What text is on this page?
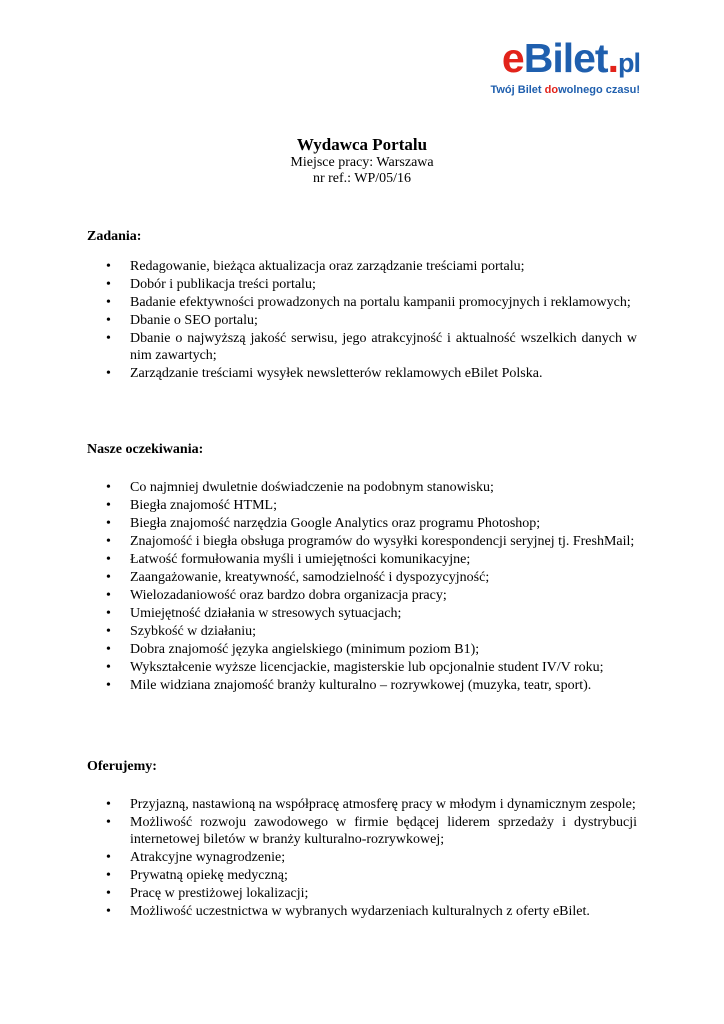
eBilet.pl
Twój Bilet dowolnego czasu!
Wydawca Portalu
Miejsce pracy: Warszawa
nr ref.: WP/05/16

Zadania:

• Redagowanie, bieżąca aktualizacja oraz zarządzanie treściami portalu;
• Dobór i publikacja treści portalu;
• Badanie efektywności prowadzonych na portalu kampanii promocyjnych i reklamowych;
• Dbanie o SEO portalu;
• Dbanie o najwyższą jakość serwisu, jego atrakcyjność i aktualność wszelkich danych w nim zawartych;
• Zarządzanie treściami wysyłek newsletterów reklamowych eBilet Polska.

Nasze oczekiwania:

• Co najmniej dwuletnie doświadczenie na podobnym stanowisku;
• Biegła znajomość HTML;
• Biegła znajomość narzędzia Google Analytics oraz programu Photoshop;
• Znajomość i biegła obsługa programów do wysyłki korespondencji seryjnej tj. FreshMail;
• Łatwość formułowania myśli i umiejętności komunikacyjne;
• Zaangażowanie, kreatywność, samodzielność i dyspozycyjność;
• Wielozadaniowość oraz bardzo dobra organizacja pracy;
• Umiejętność działania w stresowych sytuacjach;
• Szybkość w działaniu;
• Dobra znajomość języka angielskiego (minimum poziom B1);
• Wykształcenie wyższe licencjackie, magisterskie lub opcjonalnie student IV/V roku;
• Mile widziana znajomość branży kulturalno – rozrywkowej (muzyka, teatr, sport).

Oferujemy:

• Przyjazną, nastawioną na współpracę atmosferę pracy w młodym i dynamicznym zespole;
• Możliwość rozwoju zawodowego w firmie będącej liderem sprzedaży i dystrybucji internetowej biletów w branży kulturalno-rozrywkowej;
• Atrakcyjne wynagrodzenie;
• Prywatną opiekę medyczną;
• Pracę w prestiżowej lokalizacji;
• Możliwość uczestnictwa w wybranych wydarzeniach kulturalnych z oferty eBilet.
